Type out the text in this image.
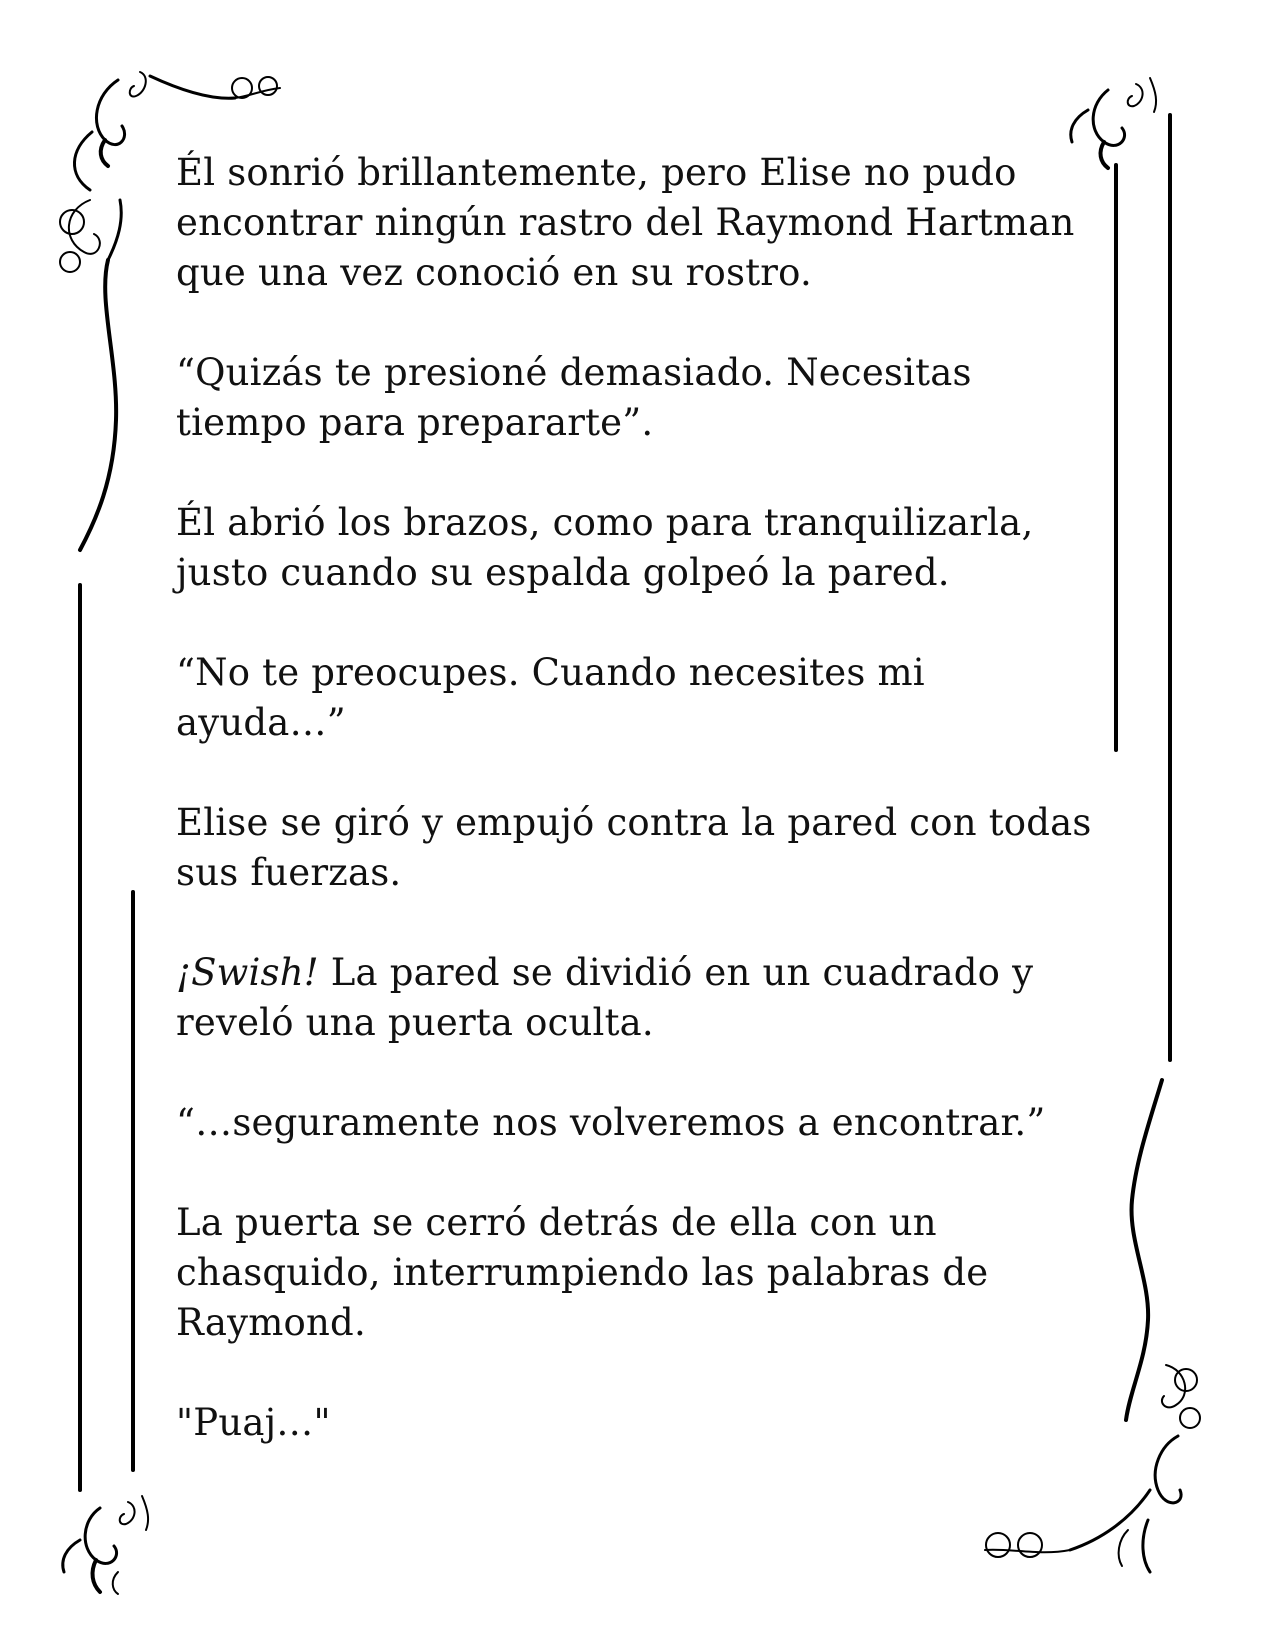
Él sonrió brillantemente, pero Elise no pudo
encontrar ningún rastro del Raymond Hartman
que una vez conoció en su rostro.

“Quizás te presioné demasiado. Necesitas
tiempo para prepararte”.

Él abrió los brazos, como para tranquilizarla,
justo cuando su espalda golpeó la pared.

“No te preocupes. Cuando necesites mi
ayuda…”

Elise se giró y empujó contra la pared con todas
sus fuerzas.

¡Swish! La pared se dividió en un cuadrado y
reveló una puerta oculta.

“…seguramente nos volveremos a encontrar.”

La puerta se cerró detrás de ella con un
chasquido, interrumpiendo las palabras de
Raymond.

"Puaj…"
